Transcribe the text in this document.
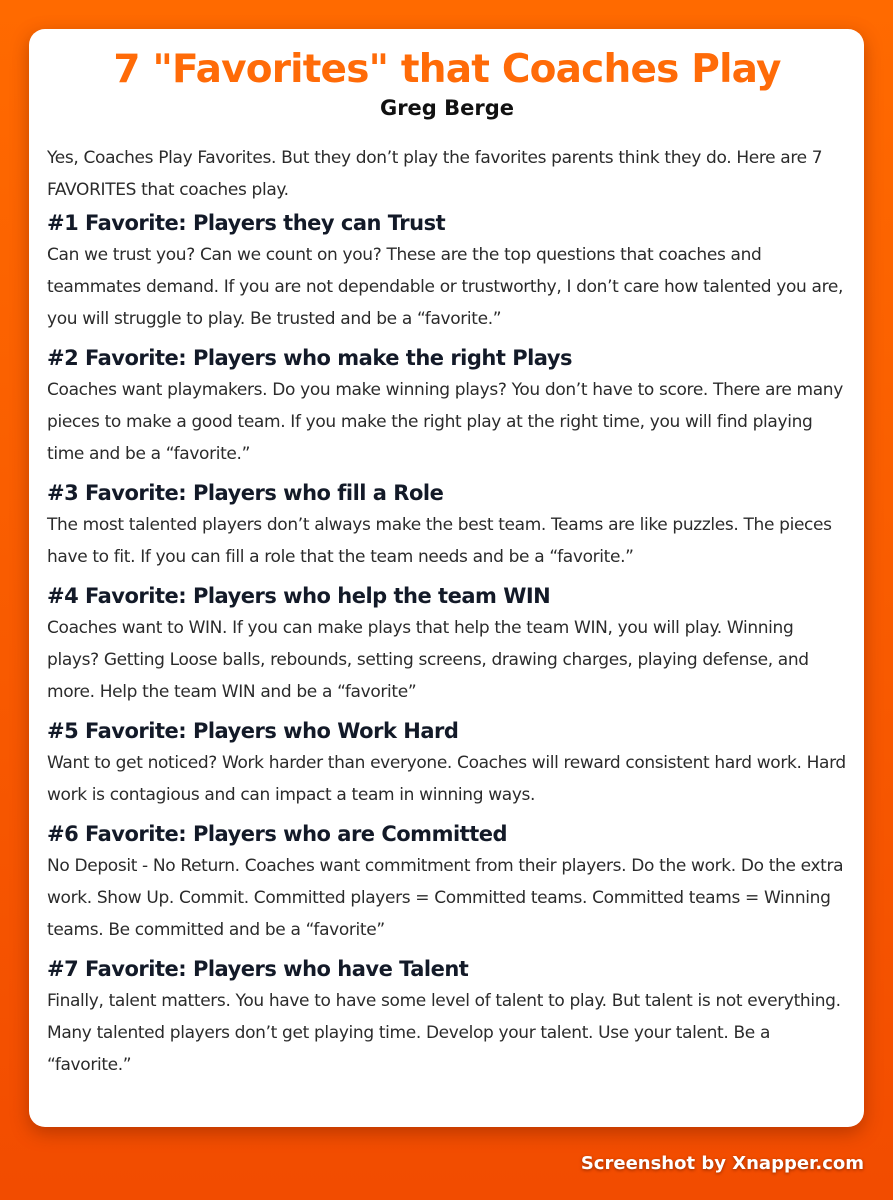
7 "Favorites" that Coaches Play

Greg Berge

Yes, Coaches Play Favorites. But they don’t play the favorites parents think they do. Here are 7 FAVORITES that coaches play.

#1 Favorite: Players they can Trust

Can we trust you? Can we count on you? These are the top questions that coaches and teammates demand. If you are not dependable or trustworthy, I don’t care how talented you are, you will struggle to play. Be trusted and be a “favorite.”

#2 Favorite: Players who make the right Plays

Coaches want playmakers. Do you make winning plays? You don’t have to score. There are many pieces to make a good team. If you make the right play at the right time, you will find playing time and be a “favorite.”

#3 Favorite: Players who fill a Role

The most talented players don’t always make the best team. Teams are like puzzles. The pieces have to fit. If you can fill a role that the team needs and be a “favorite.”

#4 Favorite: Players who help the team WIN

Coaches want to WIN. If you can make plays that help the team WIN, you will play. Winning plays? Getting Loose balls, rebounds, setting screens, drawing charges, playing defense, and more. Help the team WIN and be a “favorite”

#5 Favorite: Players who Work Hard

Want to get noticed? Work harder than everyone. Coaches will reward consistent hard work. Hard work is contagious and can impact a team in winning ways.

#6 Favorite: Players who are Committed

No Deposit - No Return. Coaches want commitment from their players. Do the work. Do the extra work. Show Up. Commit. Committed players = Committed teams. Committed teams = Winning teams. Be committed and be a “favorite”

#7 Favorite: Players who have Talent

Finally, talent matters. You have to have some level of talent to play. But talent is not everything. Many talented players don’t get playing time. Develop your talent. Use your talent. Be a “favorite.”

Screenshot by Xnapper.com
